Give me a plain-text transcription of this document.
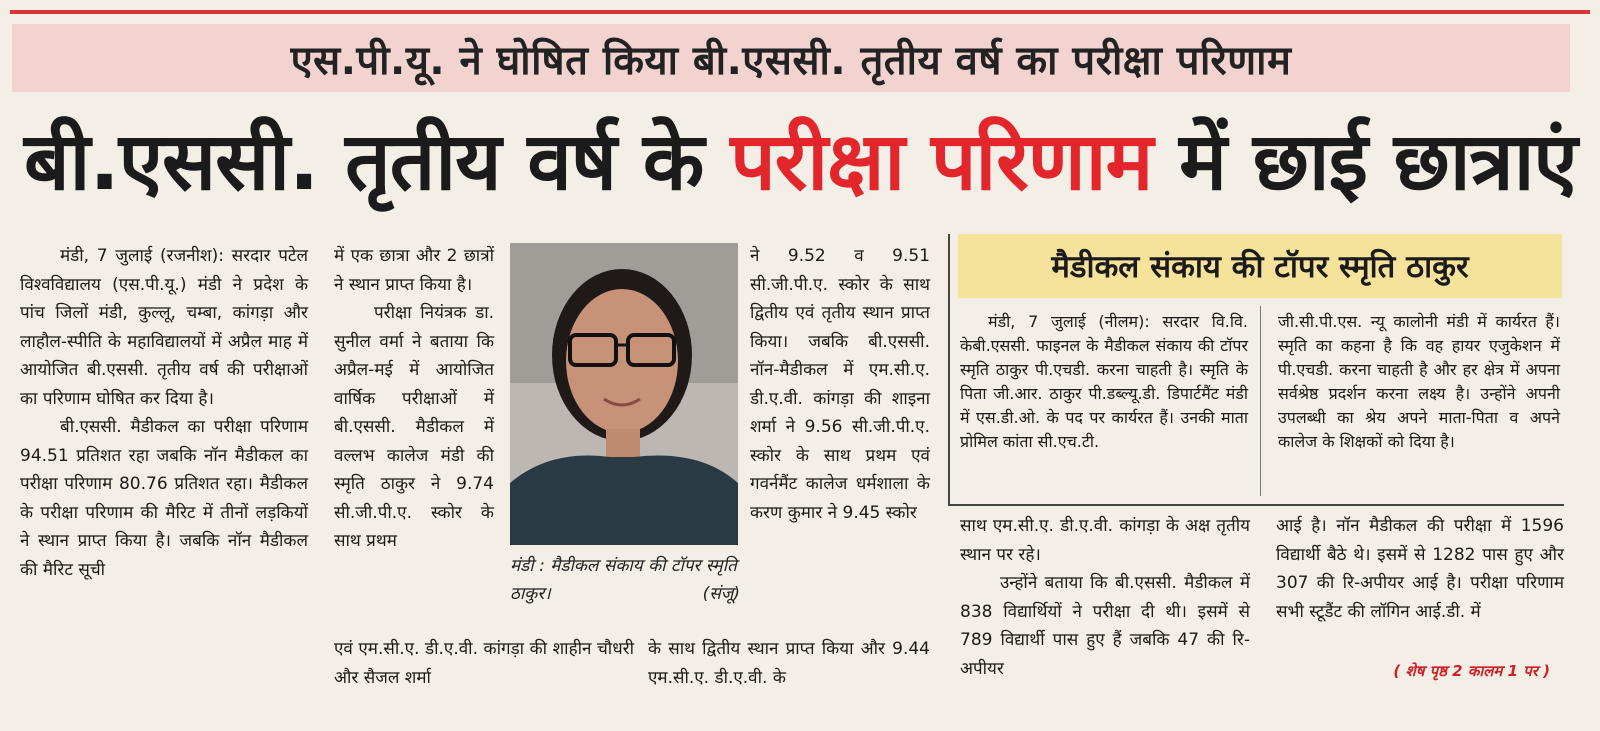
एस.पी.यू. ने घोषित किया बी.एससी. तृतीय वर्ष का परीक्षा परिणाम
बी.एससी. तृतीय वर्ष के परीक्षा परिणाम में छाई छात्राएं

मंडी, 7 जुलाई (रजनीश): सरदार पटेल विश्वविद्यालय (एस.पी.यू.) मंडी ने प्रदेश के पांच जिलों मंडी, कुल्लू, चम्बा, कांगड़ा और लाहौल-स्पीति के महाविद्यालयों में अप्रैल माह में आयोजित बी.एससी. तृतीय वर्ष की परीक्षाओं का परिणाम घोषित कर दिया है।

बी.एससी. मैडीकल का परीक्षा परिणाम 94.51 प्रतिशत रहा जबकि नॉन मैडीकल का परीक्षा परिणाम 80.76 प्रतिशत रहा। मैडीकल के परीक्षा परिणाम की मैरिट में तीनों लड़कियों ने स्थान प्राप्त किया है। जबकि नॉन मैडीकल की मैरिट सूची

में एक छात्रा और 2 छात्रों ने स्थान प्राप्त किया है।

परीक्षा नियंत्रक डा. सुनील वर्मा ने बताया कि अप्रैल-मई में आयोजित वार्षिक परीक्षाओं में बी.एससी. मैडीकल में वल्लभ कालेज मंडी की स्मृति ठाकुर ने 9.74 सी.जी.पी.ए. स्कोर के साथ प्रथम

एवं एम.सी.ए. डी.ए.वी. कांगड़ा की शाहीन चौधरी और सैजल शर्मा

मंडी : मैडीकल संकाय की टॉपर स्मृति ठाकुर।	(संजू)

ने 9.52 व 9.51 सी.जी.पी.ए. स्कोर के साथ द्वितीय एवं तृतीय स्थान प्राप्त किया। जबकि बी.एससी. नॉन-मैडीकल में एम.सी.ए. डी.ए.वी. कांगड़ा की शाइना शर्मा ने 9.56 सी.जी.पी.ए. स्कोर के साथ प्रथम एवं गवर्नमैंट कालेज धर्मशाला के करण कुमार ने 9.45 स्कोर

के साथ द्वितीय स्थान प्राप्त किया और 9.44 एम.सी.ए. डी.ए.वी. के

मैडीकल संकाय की टॉपर स्मृति ठाकुर

मंडी, 7 जुलाई (नीलम): सरदार वि.वि. केबी.एससी. फाइनल के मैडीकल संकाय की टॉपर स्मृति ठाकुर पी.एचडी. करना चाहती है। स्मृति के पिता जी.आर. ठाकुर पी.डब्ल्यू.डी. डिपार्टमैंट मंडी में एस.डी.ओ. के पद पर कार्यरत हैं। उनकी माता प्रोमिल कांता सी.एच.टी.

जी.सी.पी.एस. न्यू कालोनी मंडी में कार्यरत हैं। स्मृति का कहना है कि वह हायर एजुकेशन में पी.एचडी. करना चाहती है और हर क्षेत्र में अपना सर्वश्रेष्ठ प्रदर्शन करना लक्ष्य है। उन्होंने अपनी उपलब्धी का श्रेय अपने माता-पिता व अपने कालेज के शिक्षकों को दिया है।

साथ एम.सी.ए. डी.ए.वी. कांगड़ा के अक्ष तृतीय स्थान पर रहे।

उन्होंने बताया कि बी.एससी. मैडीकल में 838 विद्यार्थियों ने परीक्षा दी थी। इसमें से 789 विद्यार्थी पास हुए हैं जबकि 47 की रि-अपीयर

आई है। नॉन मैडीकल की परीक्षा में 1596 विद्यार्थी बैठे थे। इसमें से 1282 पास हुए और 307 की रि-अपीयर आई है। परीक्षा परिणाम सभी स्टूडैंट की लॉगिन आई.डी. में

( शेष पृष्ठ 2 कालम 1 पर )
